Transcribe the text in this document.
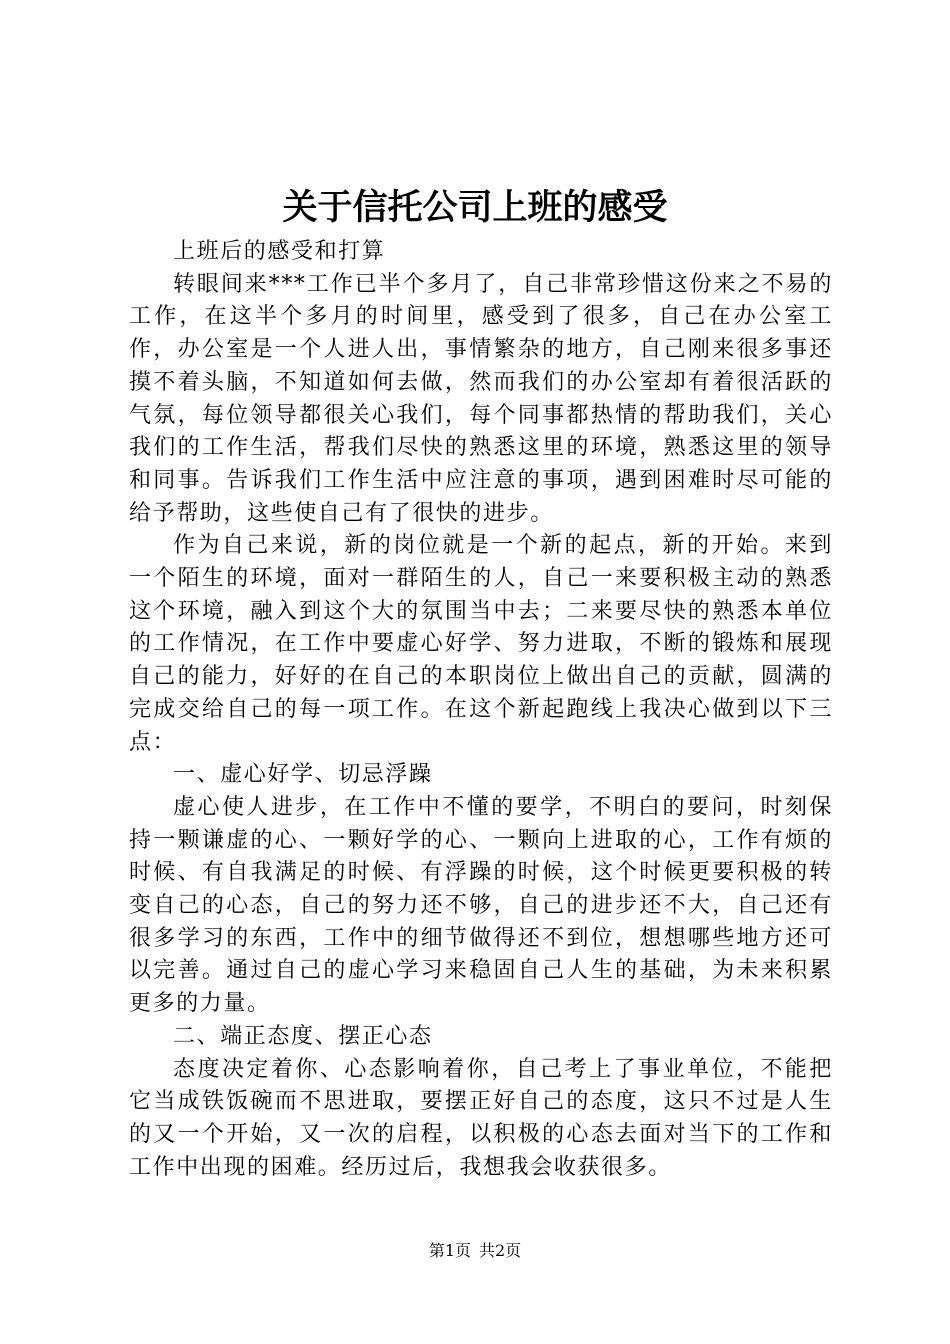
关于信托公司上班的感受

上班后的感受和打算

转眼间来***工作已半个多月了，自己非常珍惜这份来之不易的工作，在这半个多月的时间里，感受到了很多，自己在办公室工作，办公室是一个人进人出，事情繁杂的地方，自己刚来很多事还摸不着头脑，不知道如何去做，然而我们的办公室却有着很活跃的气氛，每位领导都很关心我们，每个同事都热情的帮助我们，关心我们的工作生活，帮我们尽快的熟悉这里的环境，熟悉这里的领导和同事。告诉我们工作生活中应注意的事项，遇到困难时尽可能的给予帮助，这些使自己有了很快的进步。

作为自己来说，新的岗位就是一个新的起点，新的开始。来到一个陌生的环境，面对一群陌生的人，自己一来要积极主动的熟悉这个环境，融入到这个大的氛围当中去；二来要尽快的熟悉本单位的工作情况，在工作中要虚心好学、努力进取，不断的锻炼和展现自己的能力，好好的在自己的本职岗位上做出自己的贡献，圆满的完成交给自己的每一项工作。在这个新起跑线上我决心做到以下三点：

一、虚心好学、切忌浮躁

虚心使人进步，在工作中不懂的要学，不明白的要问，时刻保持一颗谦虚的心、一颗好学的心、一颗向上进取的心，工作有烦的时候、有自我满足的时候、有浮躁的时候，这个时候更要积极的转变自己的心态，自己的努力还不够，自己的进步还不大，自己还有很多学习的东西，工作中的细节做得还不到位，想想哪些地方还可以完善。通过自己的虚心学习来稳固自己人生的基础，为未来积累更多的力量。

二、端正态度、摆正心态

态度决定着你、心态影响着你，自己考上了事业单位，不能把它当成铁饭碗而不思进取，要摆正好自己的态度，这只不过是人生的又一个开始，又一次的启程，以积极的心态去面对当下的工作和工作中出现的困难。经历过后，我想我会收获很多。

第1页 共2页
